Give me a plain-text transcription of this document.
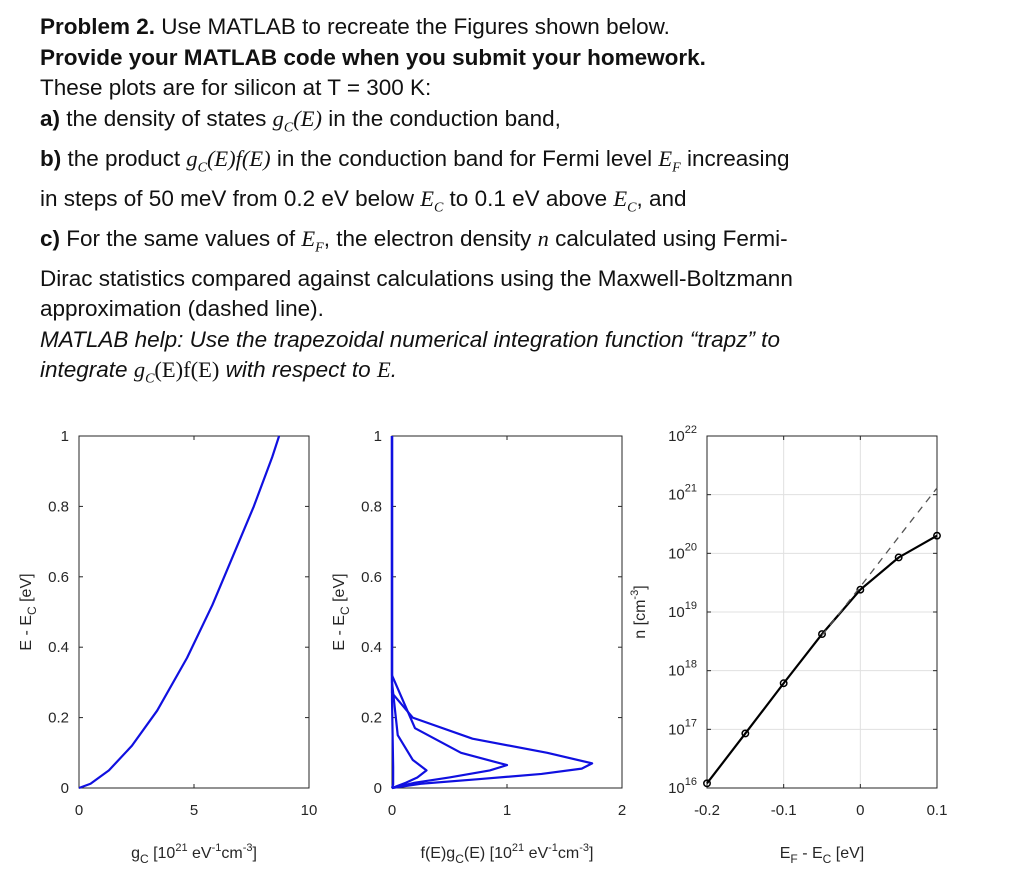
Problem 2. Use MATLAB to recreate the Figures shown below.

Provide your MATLAB code when you submit your homework.

These plots are for silicon at T = 300 K:

a) the density of states $g_C(E)$ in the conduction band,

b) the product $g_C(E)f(E)$ in the conduction band for Fermi level $E_F$ increasing

in steps of 50 meV from 0.2 eV below $E_C$ to 0.1 eV above $E_C$, and

c) For the same values of $E_F$, the electron density n calculated using Fermi-

Dirac statistics compared against calculations using the Maxwell-Boltzmann

approximation (dashed line).

MATLAB help: Use the trapezoidal numerical integration function “trapz” to

integrate $g_C(E)f(E)$ with respect to E.

0	5	10
0
0.2
0.4
0.6
0.8
1
$g_C$ [$10^{21}$ $eV^{-1}cm^{-3}$]
E - $E_C$ [eV]
0	1	2
0
0.2
0.4
0.6
0.8
1
$f(E)g_C(E)$ [$10^{21}$ $eV^{-1}cm^{-3}$]
E - $E_C$ [eV]
-0.2	-0.1	0	0.1
$10^{16}$
$10^{17}$
$10^{18}$
$10^{19}$
$10^{20}$
$10^{21}$
$10^{22}$
$E_F - E_C$ [eV]
n $[cm^{-3}]$
